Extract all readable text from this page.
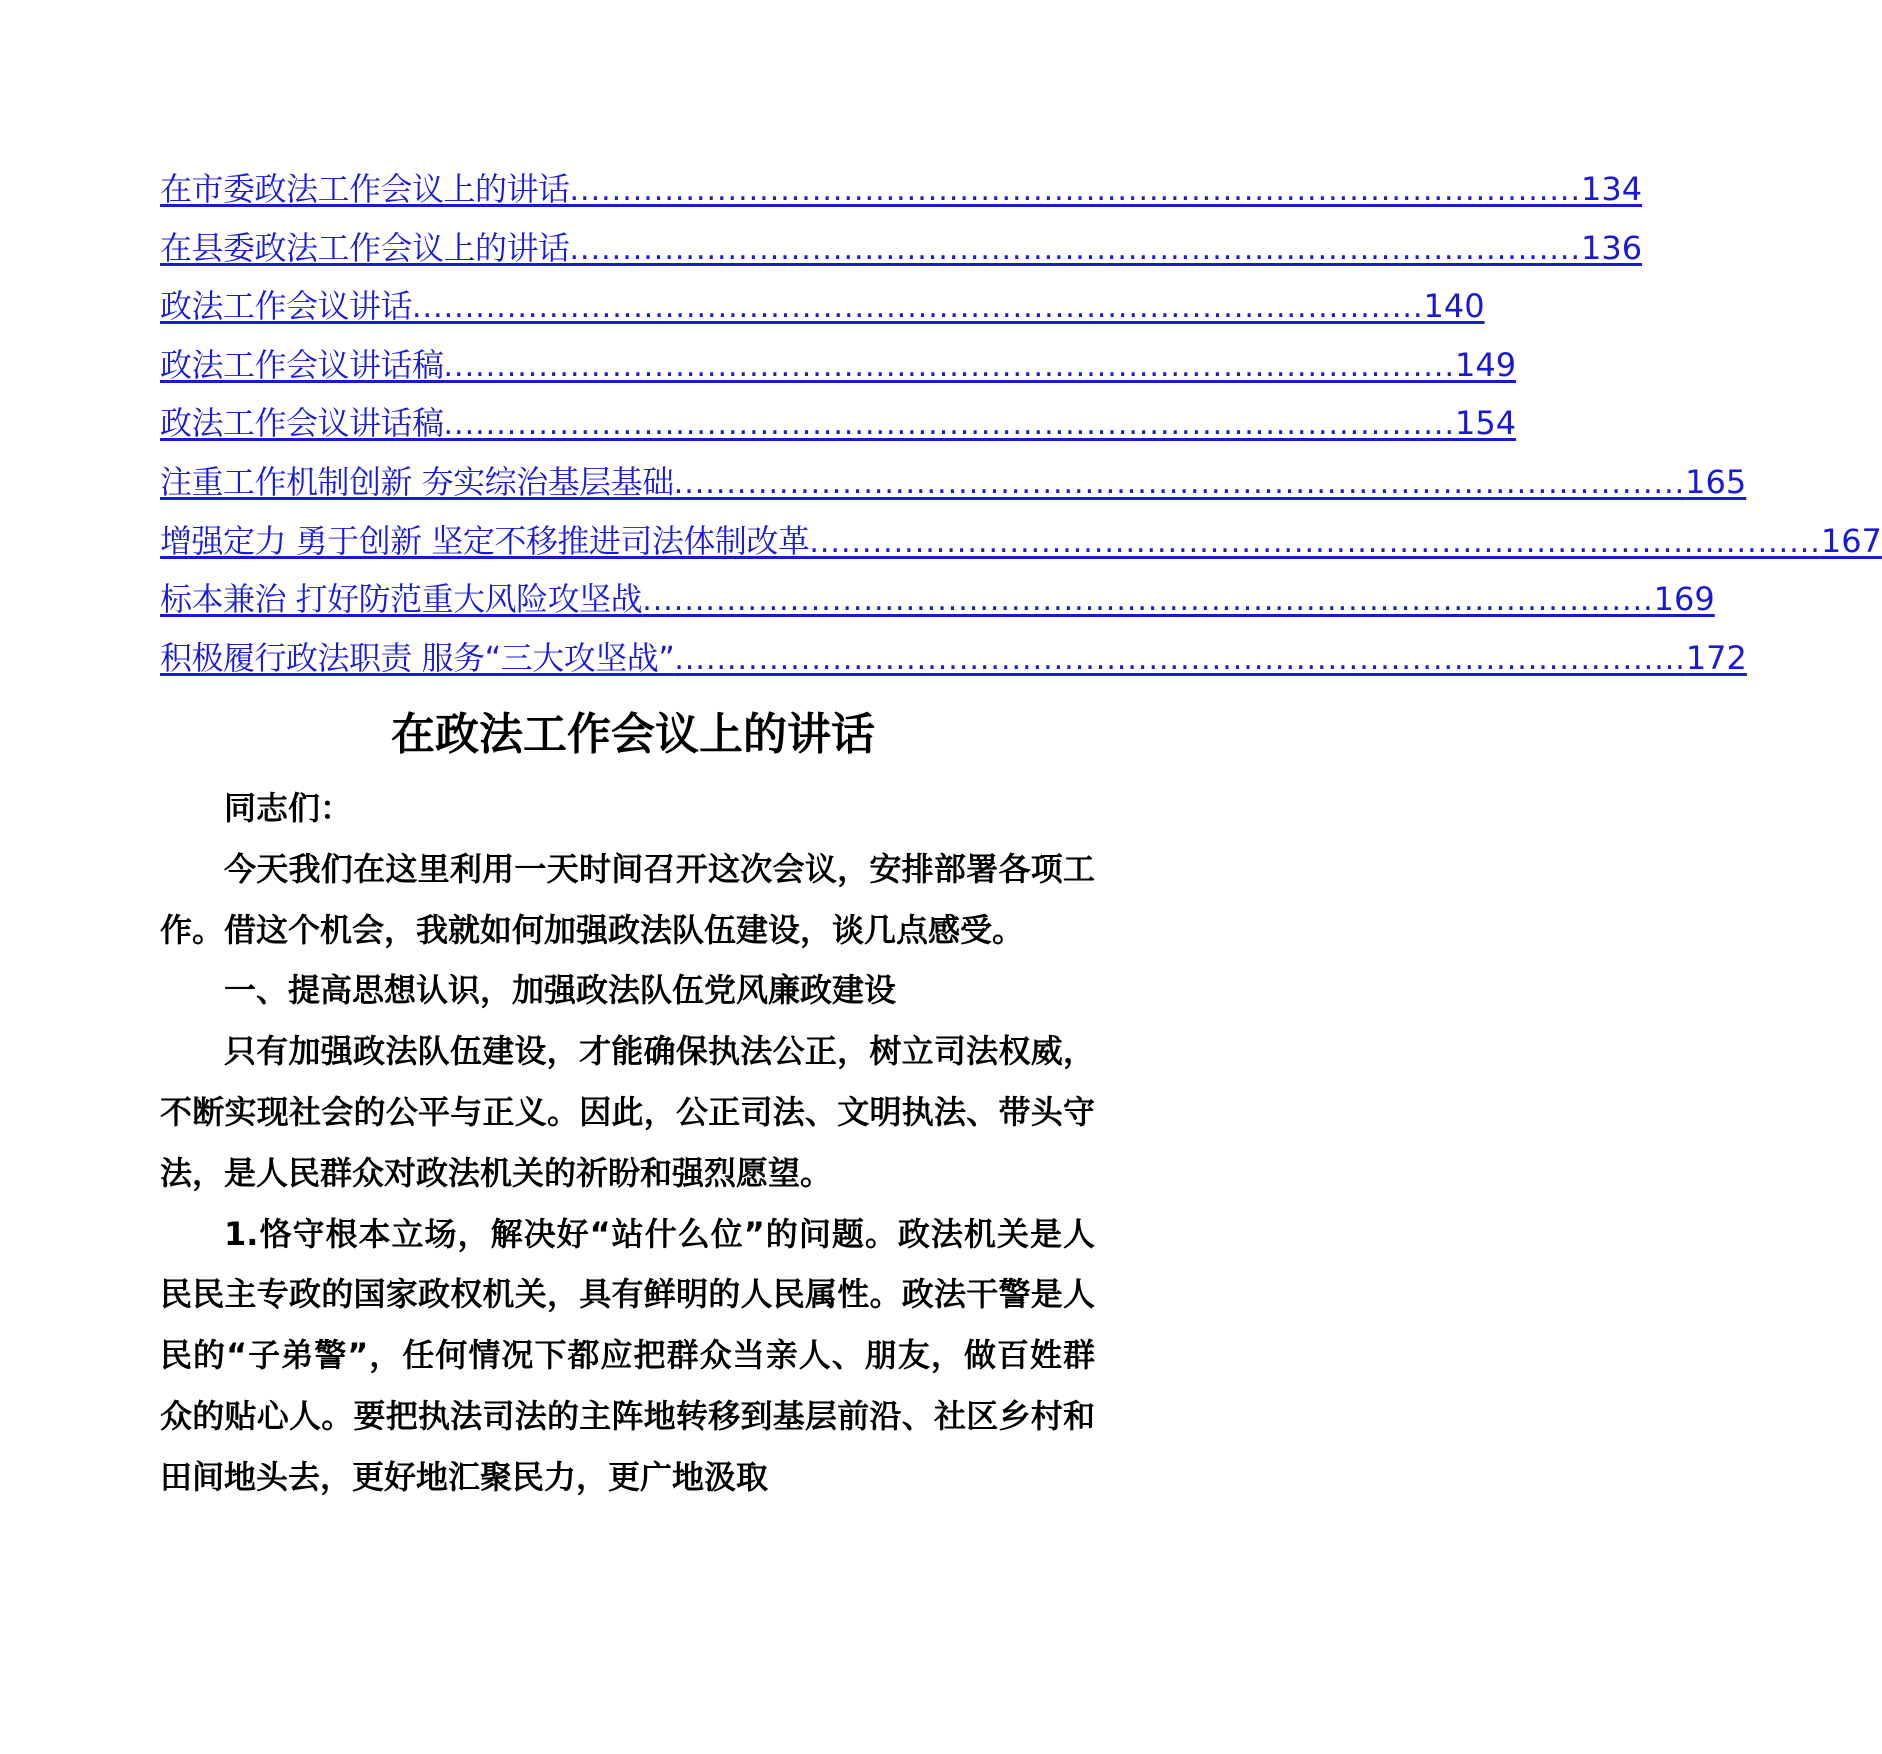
在市委政法工作会议上的讲话 ................................................................................................ 134
在县委政法工作会议上的讲话 ................................................................................................ 136
政法工作会议讲话 ................................................................................................ 140
政法工作会议讲话稿 ................................................................................................ 149
政法工作会议讲话稿 ................................................................................................ 154
注重工作机制创新 夯实综治基层基础 ................................................................................................ 165
增强定力 勇于创新 坚定不移推进司法体制改革 ................................................................................................ 167
标本兼治 打好防范重大风险攻坚战 ................................................................................................ 169
积极履行政法职责 服务“三大攻坚战” ................................................................................................ 172
在政法工作会议上的讲话

同志们：

今天我们在这里利用一天时间召开这次会议，安排部署各项工作。借这个机会，我就如何加强政法队伍建设，谈几点感受。

一、提高思想认识，加强政法队伍党风廉政建设

只有加强政法队伍建设，才能确保执法公正，树立司法权威，不断实现社会的公平与正义。因此，公正司法、文明执法、带头守法，是人民群众对政法机关的祈盼和强烈愿望。

1.恪守根本立场，解决好“站什么位”的问题。政法机关是人民民主专政的国家政权机关，具有鲜明的人民属性。政法干警是人民的“子弟警”，任何情况下都应把群众当亲人、朋友，做百姓群众的贴心人。要把执法司法的主阵地转移到基层前沿、社区乡村和田间地头去，更好地汇聚民力，更广地汲取
